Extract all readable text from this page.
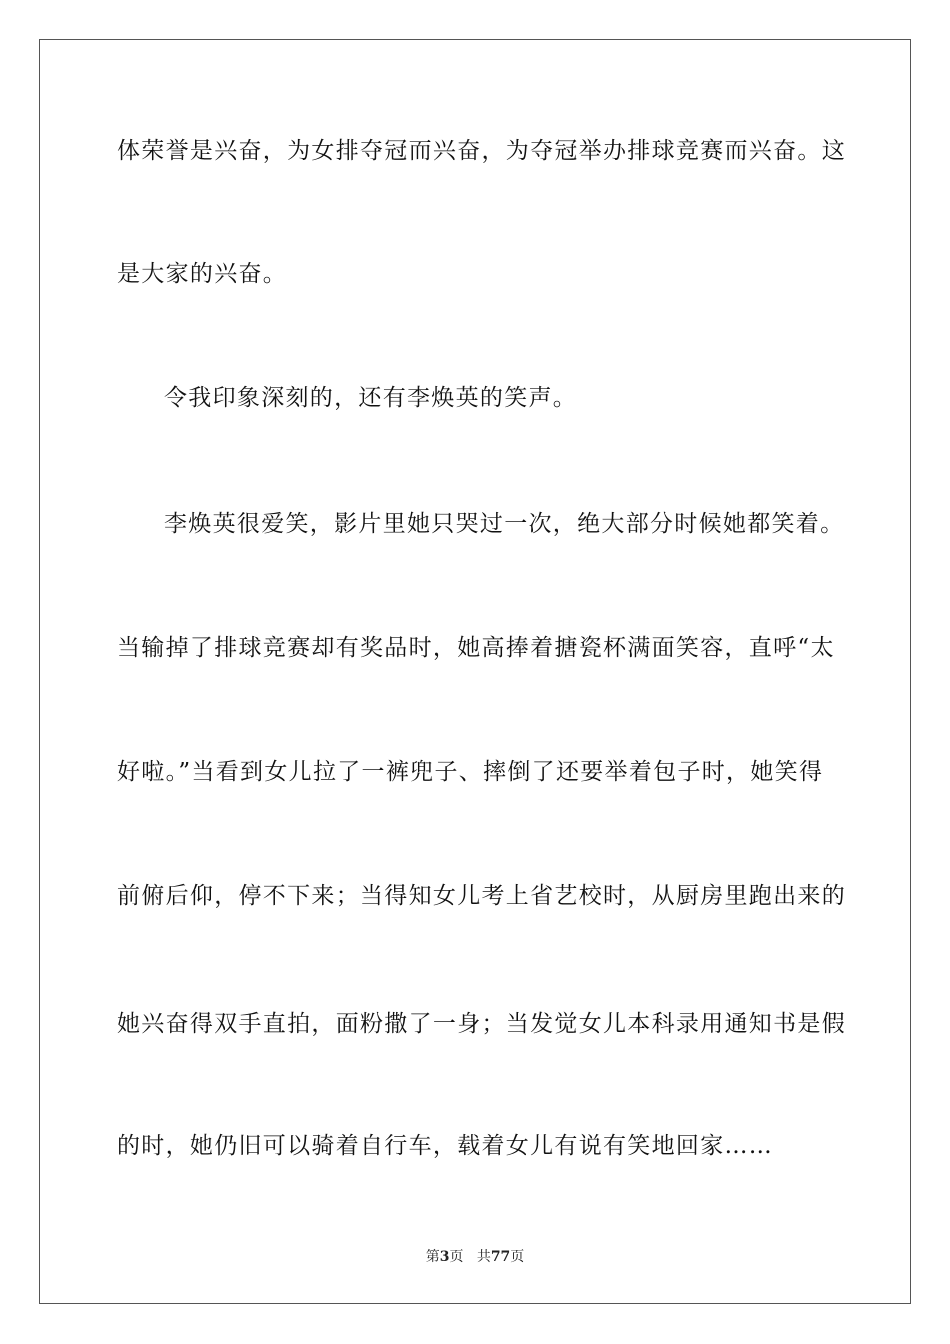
体荣誉是兴奋，为女排夺冠而兴奋，为夺冠举办排球竞赛而兴奋。这
是大家的兴奋。
令我印象深刻的，还有李焕英的笑声。
李焕英很爱笑，影片里她只哭过一次，绝大部分时候她都笑着。
当输掉了排球竞赛却有奖品时，她高捧着搪瓷杯满面笑容，直呼“太
好啦。”当看到女儿拉了一裤兜子、摔倒了还要举着包子时，她笑得
前俯后仰，停不下来；当得知女儿考上省艺校时，从厨房里跑出来的
她兴奋得双手直拍，面粉撒了一身；当发觉女儿本科录用通知书是假
的时，她仍旧可以骑着自行车，载着女儿有说有笑地回家……
第3页 共77页
